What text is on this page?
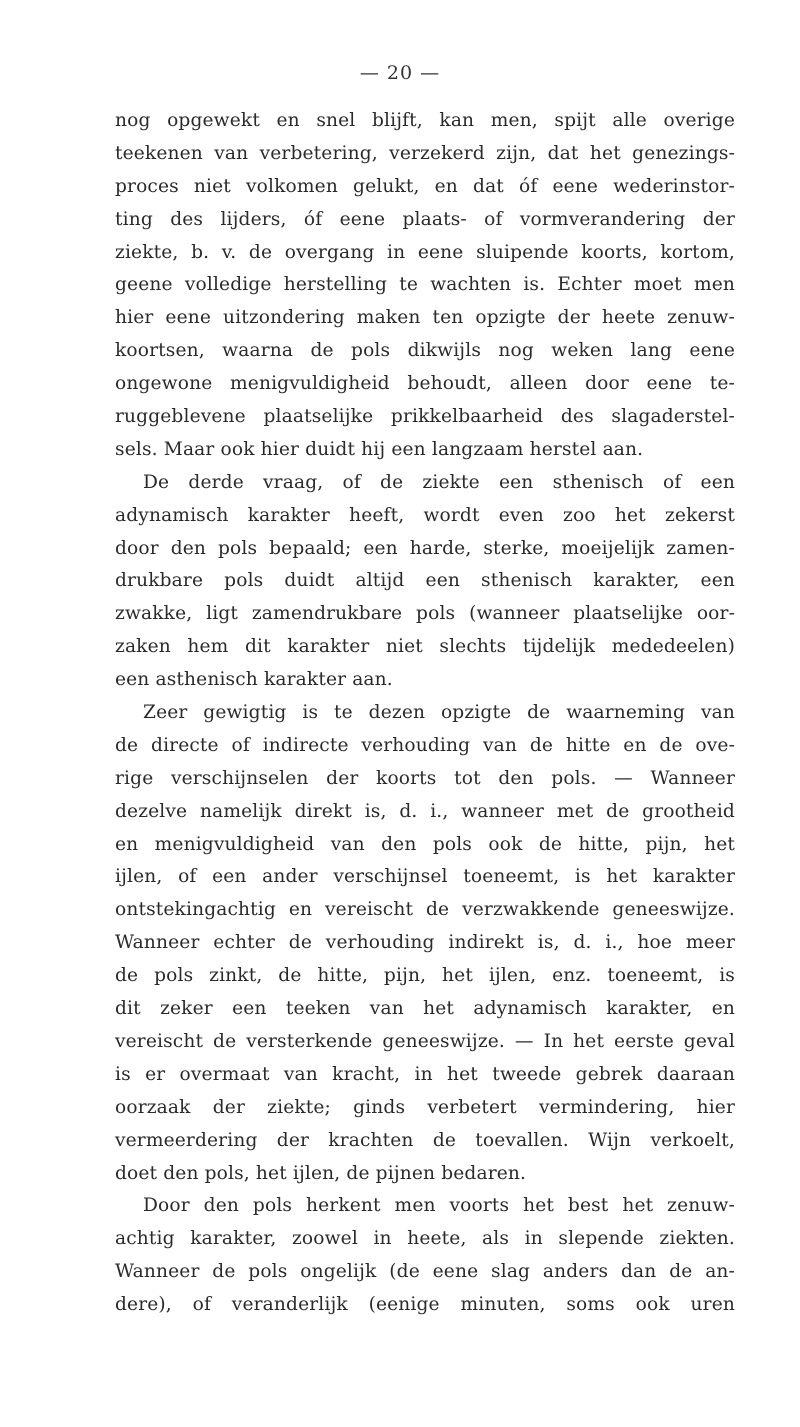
— 20 —
nog opgewekt en snel blijft, kan men, spijt alle overige
teekenen van verbetering, verzekerd zijn, dat het genezings-
proces niet volkomen gelukt, en dat óf eene wederinstor-
ting des lijders, óf eene plaats- of vormverandering der
ziekte, b. v. de overgang in eene sluipende koorts, kortom,
geene volledige herstelling te wachten is. Echter moet men
hier eene uitzondering maken ten opzigte der heete zenuw-
koortsen, waarna de pols dikwijls nog weken lang eene
ongewone menigvuldigheid behoudt, alleen door eene te-
ruggeblevene plaatselijke prikkelbaarheid des slagaderstel-
sels. Maar ook hier duidt hij een langzaam herstel aan.
De derde vraag, of de ziekte een sthenisch of een
adynamisch karakter heeft, wordt even zoo het zekerst
door den pols bepaald; een harde, sterke, moeijelijk zamen-
drukbare pols duidt altijd een sthenisch karakter, een
zwakke, ligt zamendrukbare pols (wanneer plaatselijke oor-
zaken hem dit karakter niet slechts tijdelijk mededeelen)
een asthenisch karakter aan.
Zeer gewigtig is te dezen opzigte de waarneming van
de directe of indirecte verhouding van de hitte en de ove-
rige verschijnselen der koorts tot den pols. — Wanneer
dezelve namelijk direkt is, d. i., wanneer met de grootheid
en menigvuldigheid van den pols ook de hitte, pijn, het
ijlen, of een ander verschijnsel toeneemt, is het karakter
ontstekingachtig en vereischt de verzwakkende geneeswijze.
Wanneer echter de verhouding indirekt is, d. i., hoe meer
de pols zinkt, de hitte, pijn, het ijlen, enz. toeneemt, is
dit zeker een teeken van het adynamisch karakter, en
vereischt de versterkende geneeswijze. — In het eerste geval
is er overmaat van kracht, in het tweede gebrek daaraan
oorzaak der ziekte; ginds verbetert vermindering, hier
vermeerdering der krachten de toevallen. Wijn verkoelt,
doet den pols, het ijlen, de pijnen bedaren.
Door den pols herkent men voorts het best het zenuw-
achtig karakter, zoowel in heete, als in slepende ziekten.
Wanneer de pols ongelijk (de eene slag anders dan de an-
dere), of veranderlijk (eenige minuten, soms ook uren
